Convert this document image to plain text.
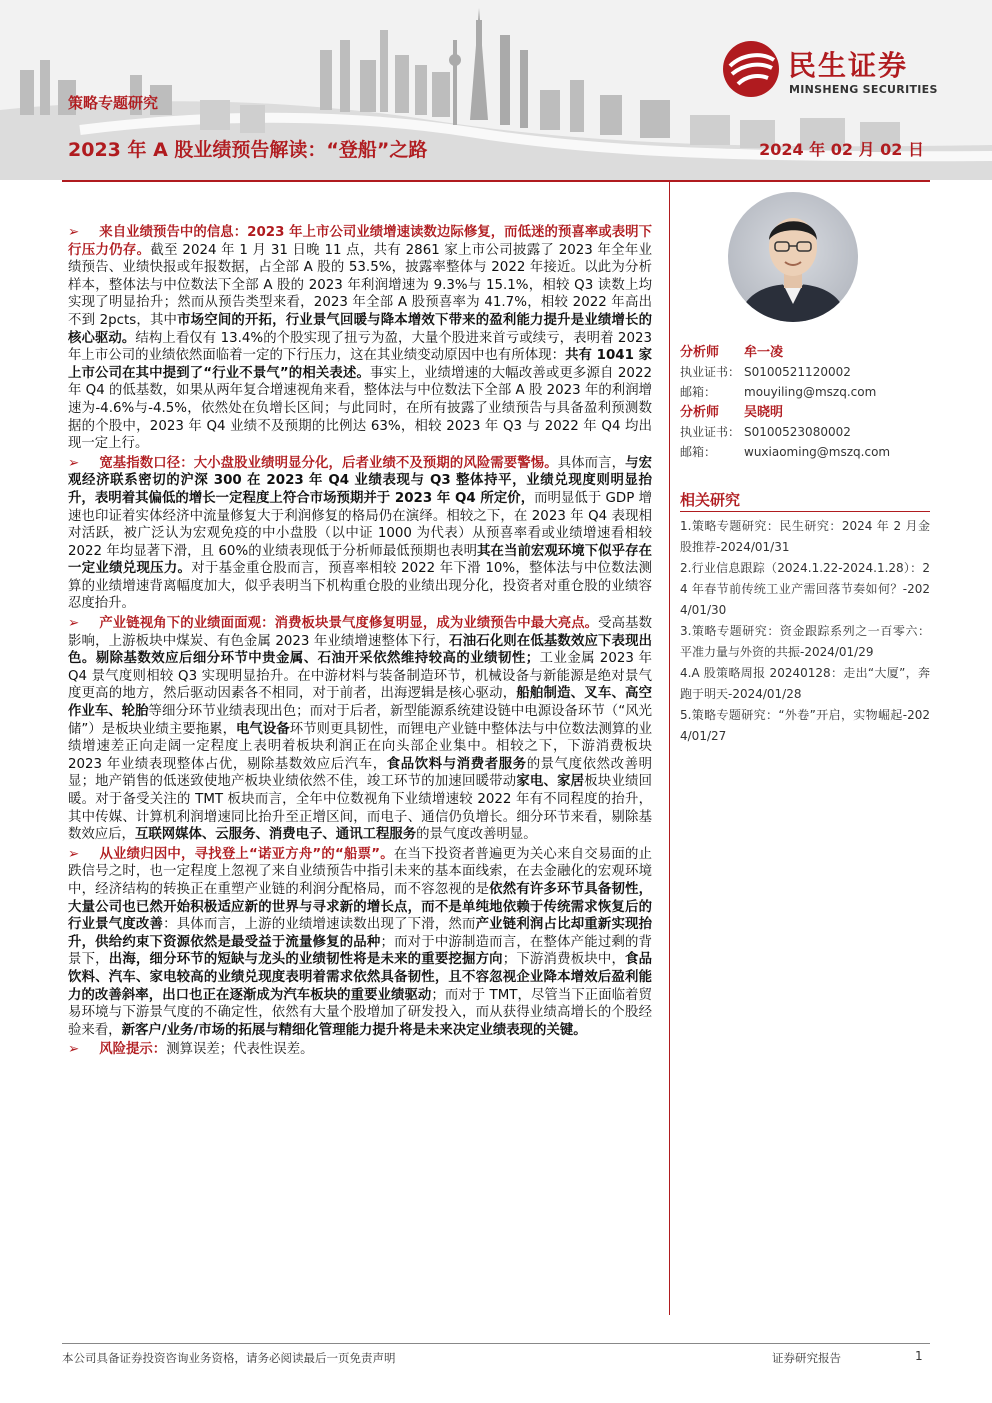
策略专题研究
2023 年 A 股业绩预告解读：“登船”之路	2024 年 02 月 02 日
民生证券
MINSHENG SECURITIES

➢ 来自业绩预告中的信息：2023 年上市公司业绩增速读数边际修复，而低迷的预喜率或表明下行压力仍存。截至 2024 年 1 月 31 日晚 11 点，共有 2861 家上市公司披露了 2023 年全年业绩预告、业绩快报或年报数据，占全部 A 股的 53.5%，披露率整体与 2022 年接近。以此为分析样本，整体法与中位数法下全部 A 股的 2023 年利润增速为 9.3%与 15.1%，相较 Q3 读数上均实现了明显抬升；然而从预告类型来看，2023 年全部 A 股预喜率为 41.7%，相较 2022 年高出不到 2pcts，其中市场空间的开拓，行业景气回暖与降本增效下带来的盈利能力提升是业绩增长的核心驱动。结构上看仅有 13.4%的个股实现了扭亏为盈，大量个股进来首亏或续亏，表明着 2023 年上市公司的业绩依然面临着一定的下行压力，这在其业绩变动原因中也有所体现：共有 1041 家上市公司在其中提到了“行业不景气”的相关表述。事实上，业绩增速的大幅改善或更多源自 2022 年 Q4 的低基数，如果从两年复合增速视角来看，整体法与中位数法下全部 A 股 2023 年的利润增速为-4.6%与-4.5%，依然处在负增长区间；与此同时，在所有披露了业绩预告与具备盈利预测数据的个股中，2023 年 Q4 业绩不及预期的比例达 63%，相较 2023 年 Q3 与 2022 年 Q4 均出现一定上行。

➢ 宽基指数口径：大小盘股业绩明显分化，后者业绩不及预期的风险需要警惕。具体而言，与宏观经济联系密切的沪深 300 在 2023 年 Q4 业绩表现与 Q3 整体持平，业绩兑现度则明显抬升，表明着其偏低的增长一定程度上符合市场预期并于 2023 年 Q4 所定价，而明显低于 GDP 增速也印证着实体经济中流量修复大于利润修复的格局仍在演绎。相较之下，在 2023 年 Q4 表现相对活跃，被广泛认为宏观免疫的中小盘股（以中证 1000 为代表）从预喜率看或业绩增速看相较 2022 年均显著下滑，且 60%的业绩表现低于分析师最低预期也表明其在当前宏观环境下似乎存在一定业绩兑现压力。对于基金重仓股而言，预喜率相较 2022 年下滑 10%，整体法与中位数法测算的业绩增速背离幅度加大，似乎表明当下机构重仓股的业绩出现分化，投资者对重仓股的业绩容忍度抬升。

➢ 产业链视角下的业绩面面观：消费板块景气度修复明显，成为业绩预告中最大亮点。受高基数影响，上游板块中煤炭、有色金属 2023 年业绩增速整体下行，石油石化则在低基数效应下表现出色。剔除基数效应后细分环节中贵金属、石油开采依然维持较高的业绩韧性；工业金属 2023 年 Q4 景气度则相较 Q3 实现明显抬升。在中游材料与装备制造环节，机械设备与新能源是绝对景气度更高的地方，然后驱动因素各不相同，对于前者，出海逻辑是核心驱动，船舶制造、叉车、高空作业车、轮胎等细分环节业绩表现出色；而对于后者，新型能源系统建设链中电源设备环节（“风光储”）是板块业绩主要拖累，电气设备环节则更具韧性，而锂电产业链中整体法与中位数法测算的业绩增速差正向走阔一定程度上表明着板块利润正在向头部企业集中。相较之下，下游消费板块 2023 年业绩表现整体占优，剔除基数效应后汽车，食品饮料与消费者服务的景气度依然改善明显；地产销售的低迷致使地产板块业绩依然不佳，竣工环节的加速回暖带动家电、家居板块业绩回暖。对于备受关注的 TMT 板块而言，全年中位数视角下业绩增速较 2022 年有不同程度的抬升，其中传媒、计算机利润增速同比抬升至正增区间，而电子、通信仍负增长。细分环节来看，剔除基数效应后，互联网媒体、云服务、消费电子、通讯工程服务的景气度改善明显。

➢ 从业绩归因中，寻找登上“诺亚方舟”的“船票”。在当下投资者普遍更为关心来自交易面的止跌信号之时，也一定程度上忽视了来自业绩预告中指引未来的基本面线索，在去金融化的宏观环境中，经济结构的转换正在重塑产业链的利润分配格局，而不容忽视的是依然有许多环节具备韧性，大量公司也已然开始积极适应新的世界与寻求新的增长点，而不是单纯地依赖于传统需求恢复后的行业景气度改善：具体而言，上游的业绩增速读数出现了下滑，然而产业链利润占比却重新实现抬升，供给约束下资源依然是最受益于流量修复的品种；而对于中游制造而言，在整体产能过剩的背景下，出海，细分环节的短缺与龙头的业绩韧性将是未来的重要挖掘方向；下游消费板块中，食品饮料、汽车、家电较高的业绩兑现度表明着需求依然具备韧性，且不容忽视企业降本增效后盈利能力的改善斜率，出口也正在逐渐成为汽车板块的重要业绩驱动；而对于 TMT，尽管当下正面临着贸易环境与下游景气度的不确定性，依然有大量个股增加了研发投入，而从获得业绩高增长的个股经验来看，新客户/业务/市场的拓展与精细化管理能力提升将是未来决定业绩表现的关键。

➢ 风险提示：测算误差；代表性误差。

分析师 牟一凌
执业证书： S0100521120002
邮箱： mouyiling@mszq.com
分析师 吴晓明
执业证书： S0100523080002
邮箱： wuxiaoming@mszq.com
相关研究
1.策略专题研究：民生研究：2024 年 2 月金股推荐-2024/01/31
2.行业信息跟踪（2024.1.22-2024.1.28）：24 年春节前传统工业产需回落节奏如何？-2024/01/30
3.策略专题研究：资金跟踪系列之一百零六：平准力量与外资的共振-2024/01/29
4.A 股策略周报 20240128：走出“大厦”，奔跑于明天-2024/01/28
5.策略专题研究：“外卷”开启，实物崛起-2024/01/27
本公司具备证券投资咨询业务资格，请务必阅读最后一页免责声明	证券研究报告	1
